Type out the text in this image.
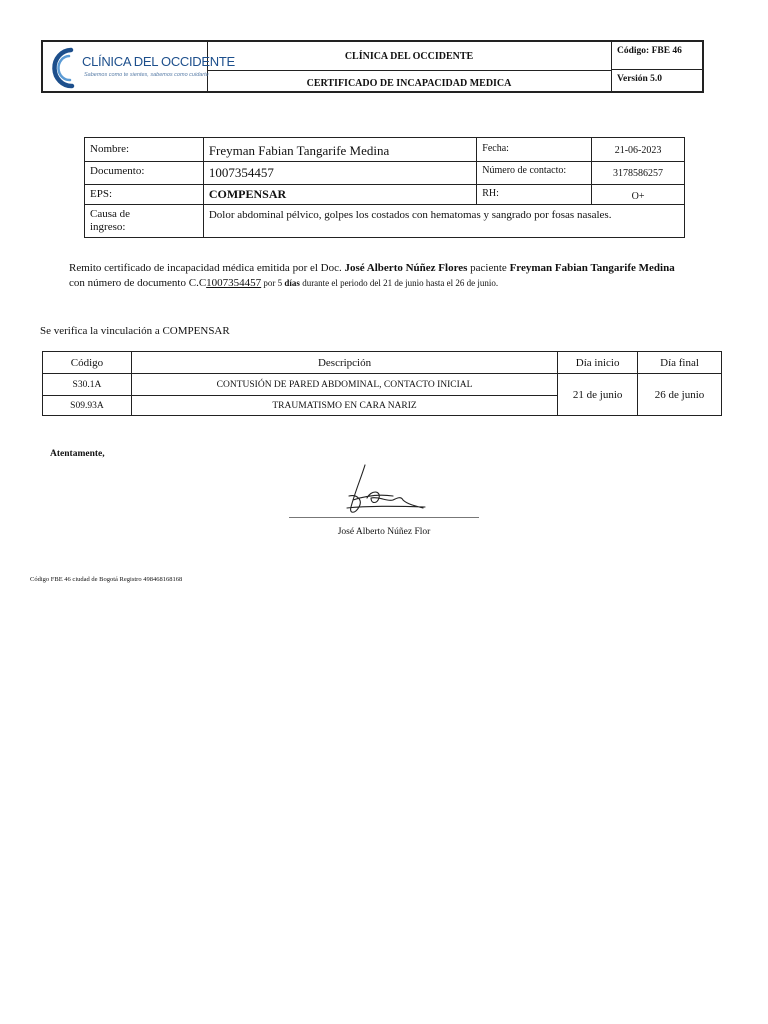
CLÍNICA DEL OCCIDENTE
Sabemos como te sientes, sabemos como cuidarte
CLÍNICA DEL OCCIDENTE
CERTIFICADO DE INCAPACIDAD MEDICA
Código: FBE 46
Versión 5.0
Nombre:	Freyman Fabian Tangarife Medina	Fecha:	21-06-2023
Documento:	1007354457	Número de contacto:	3178586257
EPS:	COMPENSAR	RH:	O+
Causa de
ingreso:	Dolor abdominal pélvico, golpes los costados con hematomas y sangrado por fosas nasales.		
Remito certificado de incapacidad médica emitida por el Doc. José Alberto Núñez Flores paciente Freyman Fabian Tangarife Medina
con número de documento C.C1007354457 por 5 días durante el periodo del 21 de junio hasta el 26 de junio.
Se verifica la vinculación a COMPENSAR
Código	Descripción	Día inicio	Día final
S30.1A	CONTUSIÓN DE PARED ABDOMINAL, CONTACTO INICIAL	21 de junio	26 de junio
S09.93A	TRAUMATISMO EN CARA NARIZ		
Atentamente,
José Alberto Núñez Flor
Código FBE 46 ciudad de Bogotá Registro 498468168168
